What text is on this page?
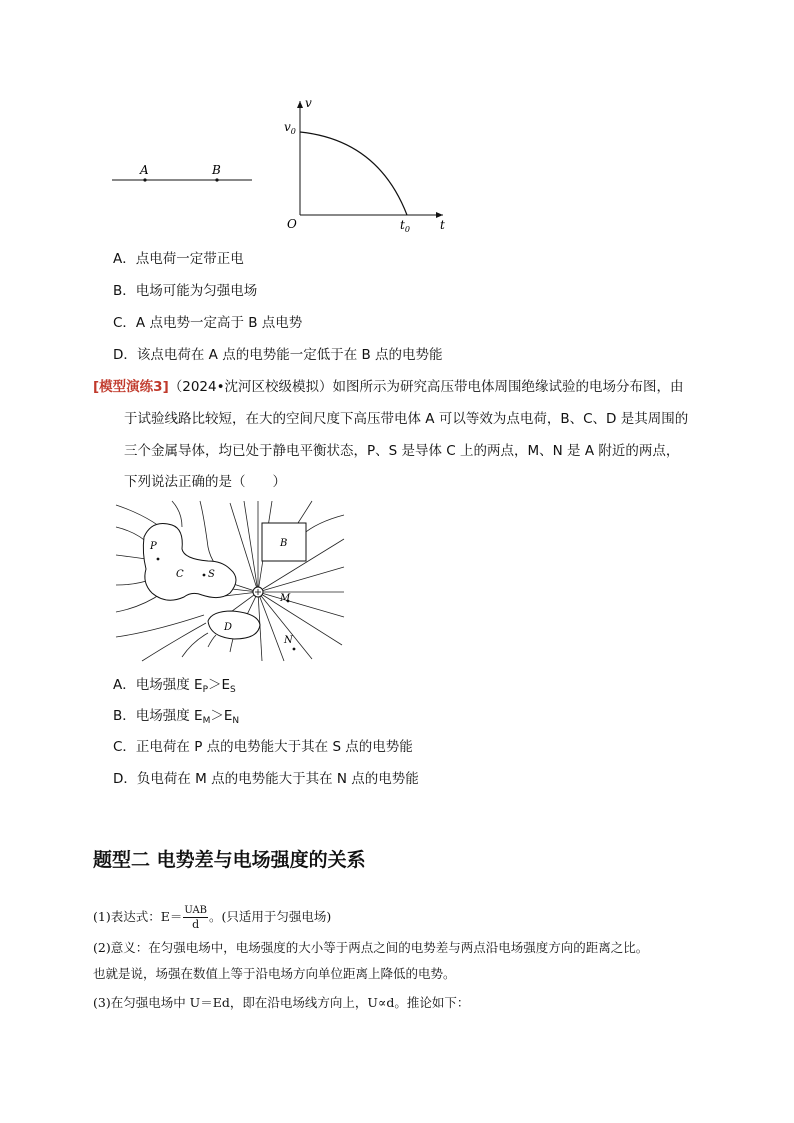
A	B
v
$v_0$
O	t
$t_0$
A．点电荷一定带正电
B．电场可能为匀强电场
C．A 点电势一定高于 B 点电势
D．该点电荷在 A 点的电势能一定低于在 B 点的电势能
[模型演练3]（2024•沈河区校级模拟）如图所示为研究高压带电体周围绝缘试验的电场分布图，由
于试验线路比较短，在大的空间尺度下高压带电体 A 可以等效为点电荷，B、C、D 是其周围的
三个金属导体，均已处于静电平衡状态，P、S 是导体 C 上的两点，M、N 是 A 附近的两点，
下列说法正确的是（　　）
P
C S
B
M
N
D
A．电场强度 $E_P>E_S$
B．电场强度 $E_M>E_N$
C．正电荷在 P 点的电势能大于其在 S 点的电势能
D．负电荷在 M 点的电势能大于其在 N 点的电势能
题型二 电势差与电场强度的关系
(1)表达式：$E= \frac{\text{UAB}}{d}$ 。(只适用于匀强电场)
(2)意义：在匀强电场中，电场强度的大小等于两点之间的电势差与两点沿电场强度方向的距离之比。
也就是说，场强在数值上等于沿电场方向单位距离上降低的电势。
(3)在匀强电场中 U＝Ed，即在沿电场线方向上，U∝d。推论如下：
